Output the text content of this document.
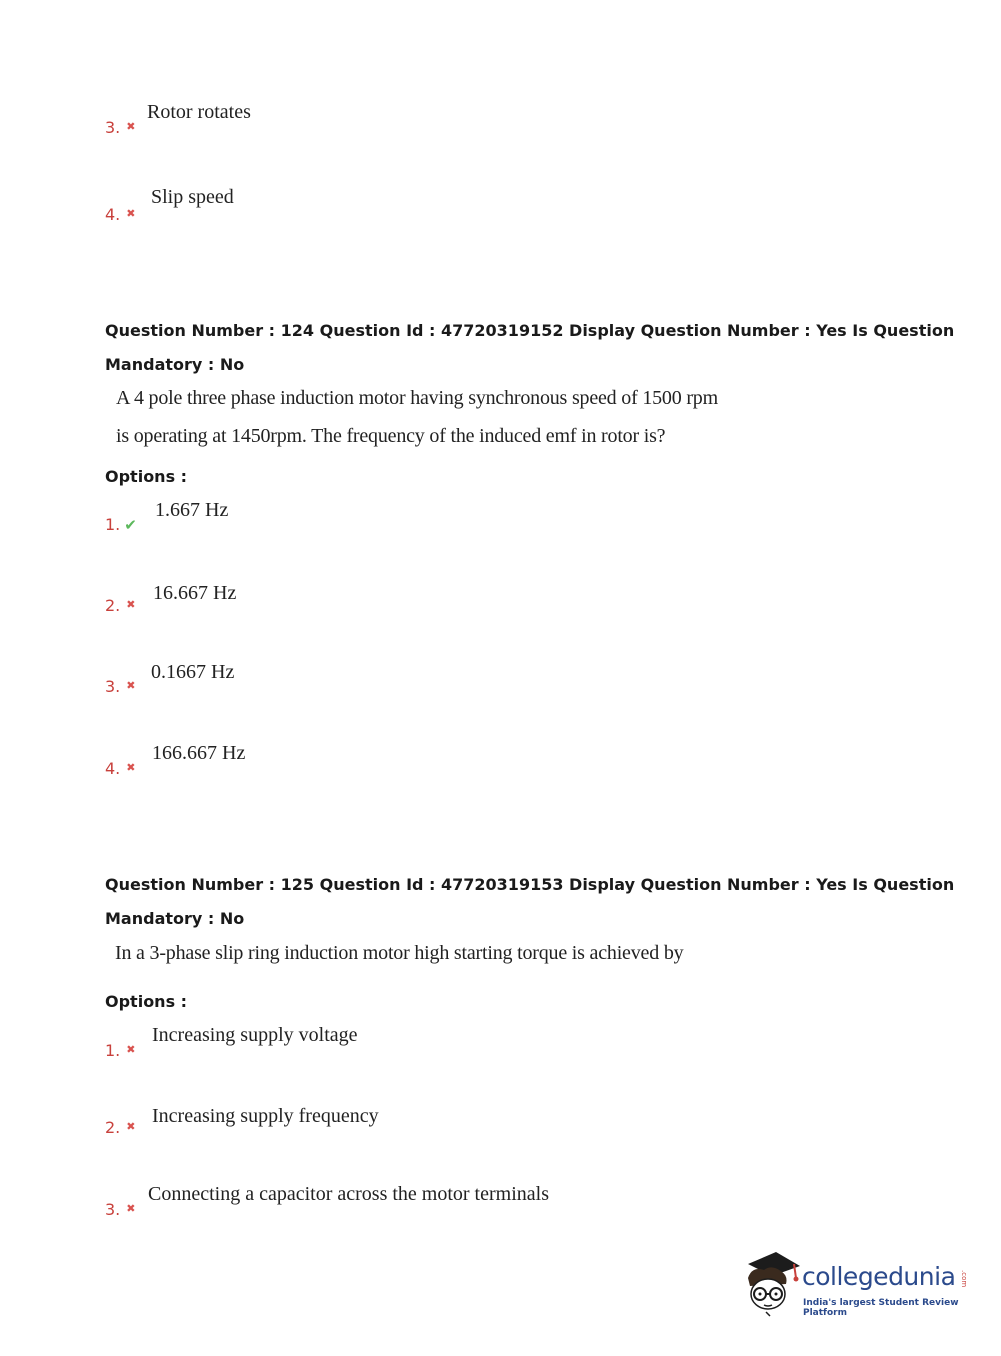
3. ✖
Rotor rotates
4. ✖
Slip speed
Question Number : 124 Question Id : 47720319152 Display Question Number : Yes Is Question
Mandatory : No
A 4 pole three phase induction motor having synchronous speed of 1500 rpm
is operating at 1450rpm. The frequency of the induced emf in rotor is?
Options :
1. ✔
1.667 Hz
2. ✖
16.667 Hz
3. ✖
0.1667 Hz
4. ✖
166.667 Hz
Question Number : 125 Question Id : 47720319153 Display Question Number : Yes Is Question
Mandatory : No
In a 3-phase slip ring induction motor high starting torque is achieved by
Options :
1. ✖
Increasing supply voltage
2. ✖ Increasing supply frequency
3. ✖
Connecting a capacitor across the motor terminals
collegedunia .com
India's largest Student Review Platform
